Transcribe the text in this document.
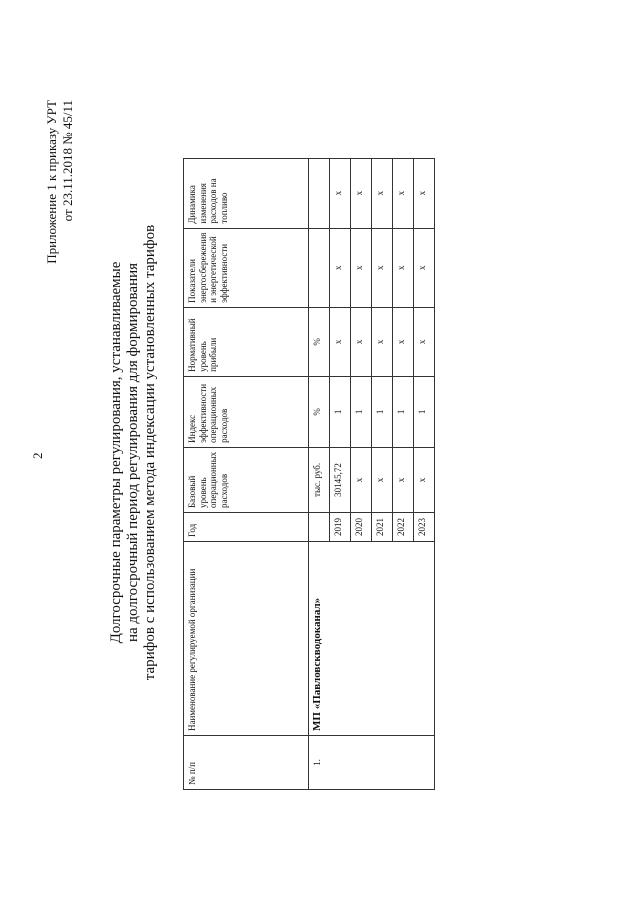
2
Приложение 1 к приказу УРТ от 23.11.2018 № 45/11
Долгосрочные параметры регулирования, устанавливаемые на долгосрочный период регулирования для формирования тарифов с использованием метода индексации установленных тарифов
№ п/п	Наименование регулируемой организации	Год	Базовый уровень операционных расходов	Индекс эффективности операционных расходов	Нормативный уровень прибыли	Показатели энергосбережения и энергетической эффективности	Динамика изменения расходов на топливо
1.	МП «Павловскводоканал»		тыс. руб.	%	%		
		2019	30145,72	1	х	х	х
		2020	х	1	х	х	х
		2021	х	1	х	х	х
		2022	х	1	х	х	х
		2023	х	1	х	х	х
